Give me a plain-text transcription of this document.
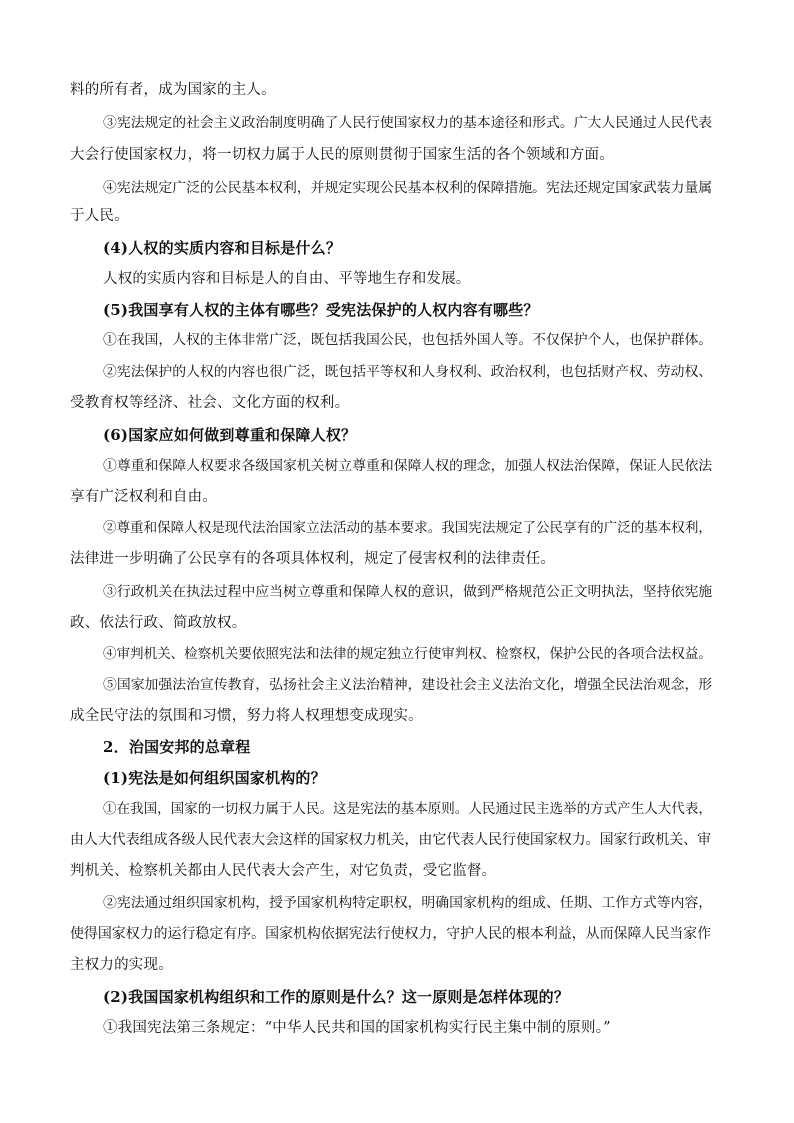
料的所有者，成为国家的主人。
③宪法规定的社会主义政治制度明确了人民行使国家权力的基本途径和形式。广大人民通过人民代表
大会行使国家权力，将一切权力属于人民的原则贯彻于国家生活的各个领域和方面。
④宪法规定广泛的公民基本权利，并规定实现公民基本权利的保障措施。宪法还规定国家武装力量属
于人民。
(4)人权的实质内容和目标是什么？
人权的实质内容和目标是人的自由、平等地生存和发展。
(5)我国享有人权的主体有哪些？受宪法保护的人权内容有哪些？
①在我国，人权的主体非常广泛，既包括我国公民，也包括外国人等。不仅保护个人，也保护群体。
②宪法保护的人权的内容也很广泛，既包括平等权和人身权利、政治权利，也包括财产权、劳动权、
受教育权等经济、社会、文化方面的权利。
(6)国家应如何做到尊重和保障人权？
①尊重和保障人权要求各级国家机关树立尊重和保障人权的理念，加强人权法治保障，保证人民依法
享有广泛权利和自由。
②尊重和保障人权是现代法治国家立法活动的基本要求。我国宪法规定了公民享有的广泛的基本权利，
法律进一步明确了公民享有的各项具体权利，规定了侵害权利的法律责任。
③行政机关在执法过程中应当树立尊重和保障人权的意识，做到严格规范公正文明执法，坚持依宪施
政、依法行政、简政放权。
④审判机关、检察机关要依照宪法和法律的规定独立行使审判权、检察权，保护公民的各项合法权益。
⑤国家加强法治宣传教育，弘扬社会主义法治精神，建设社会主义法治文化，增强全民法治观念，形
成全民守法的氛围和习惯，努力将人权理想变成现实。
2．治国安邦的总章程
(1)宪法是如何组织国家机构的？
①在我国，国家的一切权力属于人民。这是宪法的基本原则。人民通过民主选举的方式产生人大代表，
由人大代表组成各级人民代表大会这样的国家权力机关，由它代表人民行使国家权力。国家行政机关、审
判机关、检察机关都由人民代表大会产生，对它负责，受它监督。
②宪法通过组织国家机构，授予国家机构特定职权，明确国家机构的组成、任期、工作方式等内容，
使得国家权力的运行稳定有序。国家机构依据宪法行使权力，守护人民的根本利益，从而保障人民当家作
主权力的实现。
(2)我国国家机构组织和工作的原则是什么？这一原则是怎样体现的？
①我国宪法第三条规定：“中华人民共和国的国家机构实行民主集中制的原则。”
